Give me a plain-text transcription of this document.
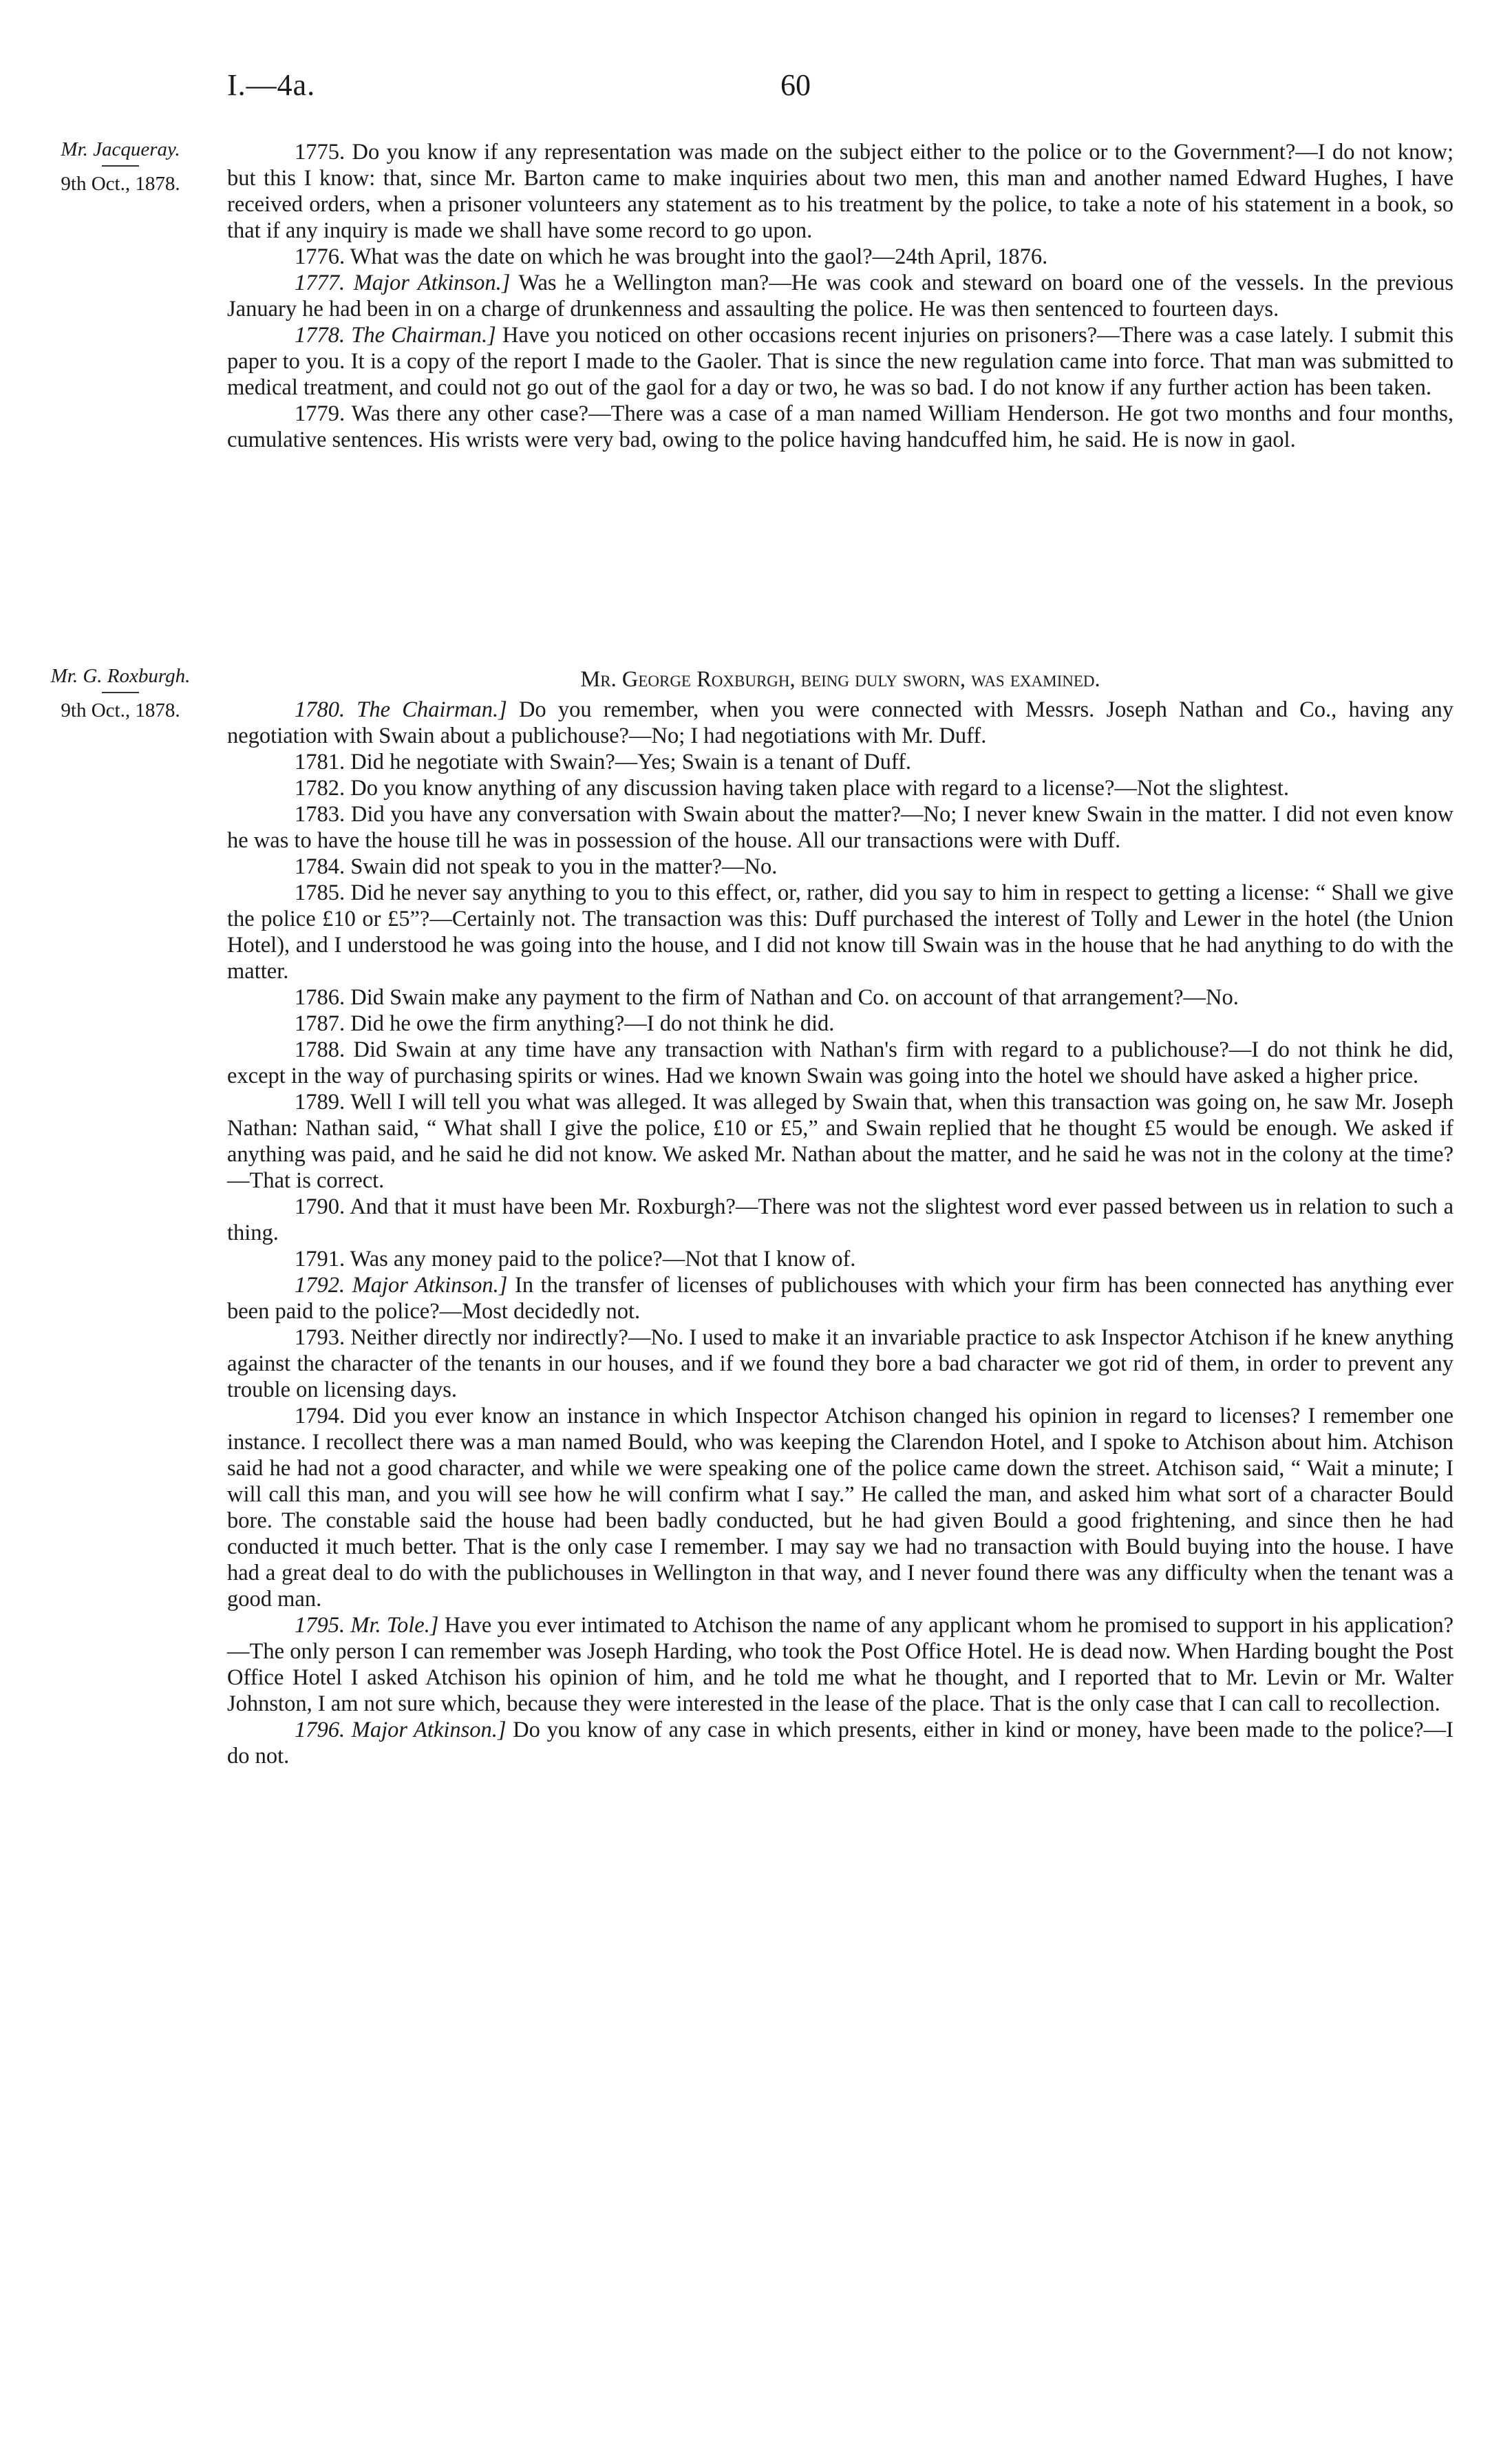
I.—4a.	60
Mr. Jacqueray.
9th Oct., 1878.
Mr. G. Roxburgh.
9th Oct., 1878.

1775. Do you know if any representation was made on the subject either to the police or to the Government?—I do not know; but this I know: that, since Mr. Barton came to make inquiries about two men, this man and another named Edward Hughes, I have received orders, when a prisoner volunteers any statement as to his treatment by the police, to take a note of his statement in a book, so that if any inquiry is made we shall have some record to go upon.

1776. What was the date on which he was brought into the gaol?—24th April, 1876.

1777. Major Atkinson.] Was he a Wellington man?—He was cook and steward on board one of the vessels. In the previous January he had been in on a charge of drunkenness and assaulting the police. He was then sentenced to fourteen days.

1778. The Chairman.] Have you noticed on other occasions recent injuries on prisoners?—There was a case lately. I submit this paper to you. It is a copy of the report I made to the Gaoler. That is since the new regulation came into force. That man was submitted to medical treatment, and could not go out of the gaol for a day or two, he was so bad. I do not know if any further action has been taken.

1779. Was there any other case?—There was a case of a man named William Henderson. He got two months and four months, cumulative sentences. His wrists were very bad, owing to the police having handcuffed him, he said. He is now in gaol.

Mr. George Roxburgh, being duly sworn, was examined.

1780. The Chairman.] Do you remember, when you were connected with Messrs. Joseph Nathan and Co., having any negotiation with Swain about a publichouse?—No; I had negotiations with Mr. Duff.

1781. Did he negotiate with Swain?—Yes; Swain is a tenant of Duff.

1782. Do you know anything of any discussion having taken place with regard to a license?—Not the slightest.

1783. Did you have any conversation with Swain about the matter?—No; I never knew Swain in the matter. I did not even know he was to have the house till he was in possession of the house. All our transactions were with Duff.

1784. Swain did not speak to you in the matter?—No.

1785. Did he never say anything to you to this effect, or, rather, did you say to him in respect to getting a license: “ Shall we give the police £10 or £5”?—Certainly not. The transaction was this: Duff purchased the interest of Tolly and Lewer in the hotel (the Union Hotel), and I understood he was going into the house, and I did not know till Swain was in the house that he had anything to do with the matter.

1786. Did Swain make any payment to the firm of Nathan and Co. on account of that arrangement?—No.

1787. Did he owe the firm anything?—I do not think he did.

1788. Did Swain at any time have any transaction with Nathan's firm with regard to a publichouse?—I do not think he did, except in the way of purchasing spirits or wines. Had we known Swain was going into the hotel we should have asked a higher price.

1789. Well I will tell you what was alleged. It was alleged by Swain that, when this transaction was going on, he saw Mr. Joseph Nathan: Nathan said, “ What shall I give the police, £10 or £5,” and Swain replied that he thought £5 would be enough. We asked if anything was paid, and he said he did not know. We asked Mr. Nathan about the matter, and he said he was not in the colony at the time?—That is correct.

1790. And that it must have been Mr. Roxburgh?—There was not the slightest word ever passed between us in relation to such a thing.

1791. Was any money paid to the police?—Not that I know of.

1792. Major Atkinson.] In the transfer of licenses of publichouses with which your firm has been connected has anything ever been paid to the police?—Most decidedly not.

1793. Neither directly nor indirectly?—No. I used to make it an invariable practice to ask Inspector Atchison if he knew anything against the character of the tenants in our houses, and if we found they bore a bad character we got rid of them, in order to prevent any trouble on licensing days.

1794. Did you ever know an instance in which Inspector Atchison changed his opinion in regard to licenses? I remember one instance. I recollect there was a man named Bould, who was keeping the Clarendon Hotel, and I spoke to Atchison about him. Atchison said he had not a good character, and while we were speaking one of the police came down the street. Atchison said, “ Wait a minute; I will call this man, and you will see how he will confirm what I say.” He called the man, and asked him what sort of a character Bould bore. The constable said the house had been badly conducted, but he had given Bould a good frightening, and since then he had conducted it much better. That is the only case I remember. I may say we had no transaction with Bould buying into the house. I have had a great deal to do with the publichouses in Wellington in that way, and I never found there was any difficulty when the tenant was a good man.

1795. Mr. Tole.] Have you ever intimated to Atchison the name of any applicant whom he promised to support in his application?—The only person I can remember was Joseph Harding, who took the Post Office Hotel. He is dead now. When Harding bought the Post Office Hotel I asked Atchison his opinion of him, and he told me what he thought, and I reported that to Mr. Levin or Mr. Walter Johnston, I am not sure which, because they were interested in the lease of the place. That is the only case that I can call to recollection.

1796. Major Atkinson.] Do you know of any case in which presents, either in kind or money, have been made to the police?—I do not.
